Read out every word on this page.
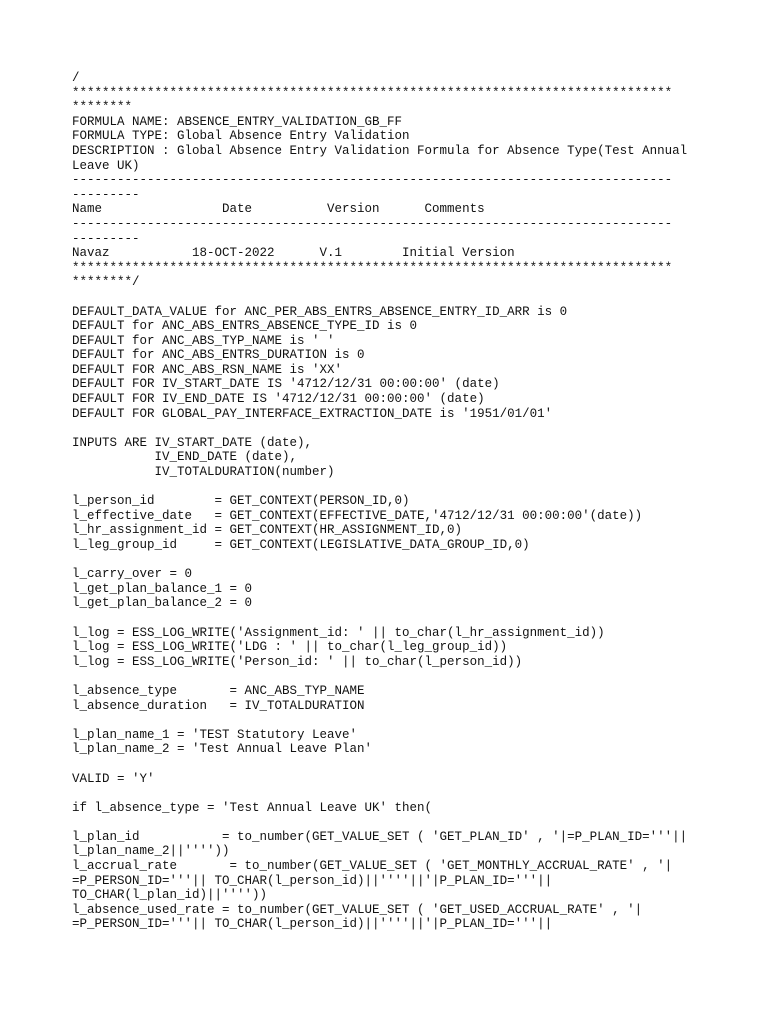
/
********************************************************************************
********
FORMULA NAME: ABSENCE_ENTRY_VALIDATION_GB_FF
FORMULA TYPE: Global Absence Entry Validation
DESCRIPTION : Global Absence Entry Validation Formula for Absence Type(Test Annual
Leave UK)
--------------------------------------------------------------------------------
---------
Name                Date          Version      Comments
--------------------------------------------------------------------------------
---------
Navaz           18-OCT-2022      V.1        Initial Version
********************************************************************************
********/
DEFAULT_DATA_VALUE for ANC_PER_ABS_ENTRS_ABSENCE_ENTRY_ID_ARR is 0
DEFAULT for ANC_ABS_ENTRS_ABSENCE_TYPE_ID is 0
DEFAULT for ANC_ABS_TYP_NAME is ' '
DEFAULT for ANC_ABS_ENTRS_DURATION is 0
DEFAULT FOR ANC_ABS_RSN_NAME is 'XX'
DEFAULT FOR IV_START_DATE IS '4712/12/31 00:00:00' (date)
DEFAULT FOR IV_END_DATE IS '4712/12/31 00:00:00' (date)
DEFAULT FOR GLOBAL_PAY_INTERFACE_EXTRACTION_DATE is '1951/01/01'
INPUTS ARE IV_START_DATE (date),
IV_END_DATE (date),
IV_TOTALDURATION(number)
l_person_id        = GET_CONTEXT(PERSON_ID,0)
l_effective_date   = GET_CONTEXT(EFFECTIVE_DATE,'4712/12/31 00:00:00'(date))
l_hr_assignment_id = GET_CONTEXT(HR_ASSIGNMENT_ID,0)
l_leg_group_id     = GET_CONTEXT(LEGISLATIVE_DATA_GROUP_ID,0)
l_carry_over = 0
l_get_plan_balance_1 = 0
l_get_plan_balance_2 = 0
l_log = ESS_LOG_WRITE('Assignment_id: ' || to_char(l_hr_assignment_id))
l_log = ESS_LOG_WRITE('LDG : ' || to_char(l_leg_group_id))
l_log = ESS_LOG_WRITE('Person_id: ' || to_char(l_person_id))
l_absence_type       = ANC_ABS_TYP_NAME
l_absence_duration   = IV_TOTALDURATION
l_plan_name_1 = 'TEST Statutory Leave'
l_plan_name_2 = 'Test Annual Leave Plan'
VALID = 'Y'
if l_absence_type = 'Test Annual Leave UK' then(
l_plan_id           = to_number(GET_VALUE_SET ( 'GET_PLAN_ID' , '|=P_PLAN_ID='''||
l_plan_name_2||''''))
l_accrual_rate       = to_number(GET_VALUE_SET ( 'GET_MONTHLY_ACCRUAL_RATE' , '|
=P_PERSON_ID='''|| TO_CHAR(l_person_id)||''''||'|P_PLAN_ID='''||
TO_CHAR(l_plan_id)||''''))
l_absence_used_rate = to_number(GET_VALUE_SET ( 'GET_USED_ACCRUAL_RATE' , '|
=P_PERSON_ID='''|| TO_CHAR(l_person_id)||''''||'|P_PLAN_ID='''||
